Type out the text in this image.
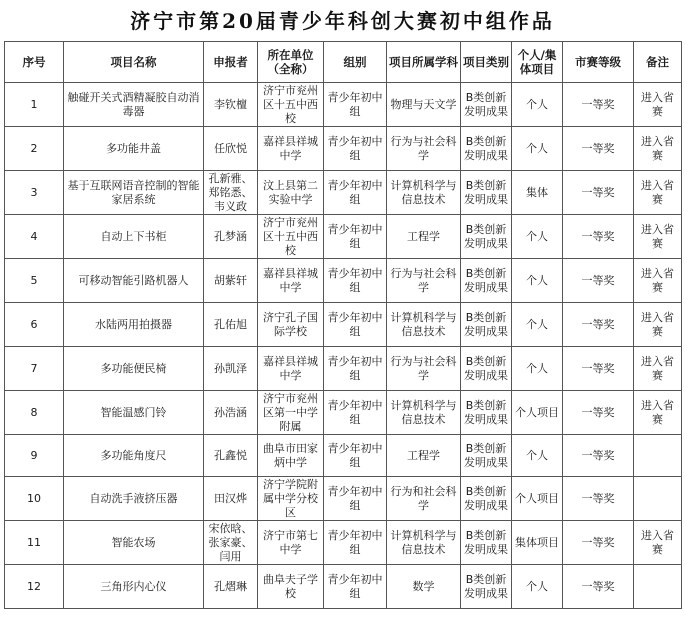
济宁市第20届青少年科创大赛初中组作品
序号	项目名称	申报者	所在单位（全称）	组别	项目所属学科	项目类别	个人/集体项目	市赛等级	备注
1	触碰开关式酒精凝胶自动消毒器	李钦檀	济宁市兖州区十五中西校	青少年初中组	物理与天文学	B类创新发明成果	个人	一等奖	进入省赛
2	多功能井盖	任欣悦	嘉祥县祥城中学	青少年初中组	行为与社会科学	B类创新发明成果	个人	一等奖	进入省赛
3	基于互联网语音控制的智能家居系统	孔新雅、郑铭悉、韦义政	汶上县第二实验中学	青少年初中组	计算机科学与信息技术	B类创新发明成果	集体	一等奖	进入省赛
4	自动上下书柜	孔梦涵	济宁市兖州区十五中西校	青少年初中组	工程学	B类创新发明成果	个人	一等奖	进入省赛
5	可移动智能引路机器人	胡紫轩	嘉祥县祥城中学	青少年初中组	行为与社会科学	B类创新发明成果	个人	一等奖	进入省赛
6	水陆两用拍摄器	孔佑旭	济宁孔子国际学校	青少年初中组	计算机科学与信息技术	B类创新发明成果	个人	一等奖	进入省赛
7	多功能便民椅	孙凯泽	嘉祥县祥城中学	青少年初中组	行为与社会科学	B类创新发明成果	个人	一等奖	进入省赛
8	智能温感门铃	孙浩涵	济宁市兖州区第一中学附属	青少年初中组	计算机科学与信息技术	B类创新发明成果	个人项目	一等奖	进入省赛
9	多功能角度尺	孔鑫悦	曲阜市田家炳中学	青少年初中组	工程学	B类创新发明成果	个人	一等奖	
10	自动洗手液挤压器	田汉烨	济宁学院附属中学分校区	青少年初中组	行为和社会科学	B类创新发明成果	个人项目	一等奖	
11	智能农场	宋依晗、张家豪、闫用	济宁市第七中学	青少年初中组	计算机科学与信息技术	B类创新发明成果	集体项目	一等奖	进入省赛
12	三角形内心仪	孔熠琳	曲阜夫子学校	青少年初中组	数学	B类创新发明成果	个人	一等奖	
